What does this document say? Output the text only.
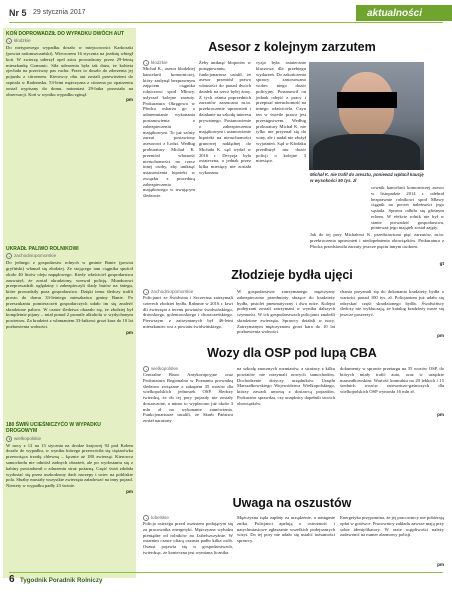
Nr 5 29 stycznia 2017	aktualności
KOŃ DOPROWADZIŁ DO WYPADKU DWÓCH AUT
kłodzkie
Do nietypowego wypadku doszło w miejscowości Karkoszki (powiat radomszczański). Wieczorem 16 stycznia na jezdnię wbiegł koń. W zwierzę uderzył opel astra prowadzony przez 29-letnią mieszkankę Gomunic. Siła uderzenia była tak duża, że kobieta zjechała na przeciwny pas ruchu. Przez to doszło do zderzenia jej pojazdu z citroenem. Kierowcy obu aut zostali przewiezieni do szpitala w Radomsku. 53-letni mężczyzna z citroena po opatrzeniu został wypisany do domu, natomiast 29-latka pozostała na obserwacji. Koń w wyniku wypadku zginął.
pm
UKRADŁ PALIWO ROLNIKOWI
zachodniopomorskie
Do jednego z gospodarstw rolnych w gminie Banie (powiat gryfiński) włamał się złodziej. Ze stojącego tam ciągnika spuścił około 40 litrów oleju napędowego. Kiedy właściciel gospodarstwa zauważył, że został okradziony, wezwał policję. Mundurowi przeprowadzili oględziny i zabezpieczyli ślady butów na śniegu, które prowadziły poza gospodarstwo. Dzięki temu śledczy trafili prosto do domu 33-letniego mieszkańca gminy Banie. Po przeszukaniu pomieszczeń gospodarczych udało im się znaleźć skradzione paliwo. W czasie śledztwa okazało się, że złodziej był kompletnie pijany – miał ponad 2 promile alkoholu w wydychanym powietrzu. Za kradzież z włamaniem 33-latkowi grozi kara do 10 lat pozbawienia wolności.
pm
180 ŚWIŃ UCIEŚNICZYĆO W WYPADKU DROGOWYM
wielkopolskie
W nocy z 12 na 13 stycznia na drodze krajowej 92 pod Kołem doszło do wypadku, w wyniku którego przewróciła się ciężarówka przewożąca trzodę chlewną – łącznie aż 180 zwierząt. Kierowca samochodu nie odniósł żadnych obrażeń, ale po wydostaniu się z kabiny powiadomił o zdarzeniu straż pożarną. Część świń zdołała wydostać się przez uszkodzony dach naczepy i uciec na pobliskie pola. Służby musiały wszystkie zwierzęta załadować na inny pojazd. Niestety w wypadku padły 23 świnie.
pm
Asesor z kolejnym zarzutem
kłodzkie
Michał K., asesor kłodzkiej kancelarii komorniczej, który zasłynął bezprawnym zajęciem ciągnika rolniczowi spod Młowy, usłyszał kolejne zarzuty. Prokuratura Okręgowa w Płocku oskarża go o udaremnianie wykonania postanowienia o zabezpieczeniu majątkowym. To już szósty zarzut postawiony asesorowi z Łodzi. Według prokuratury Michał K. przeniósł własność nieruchomości na rzecz innej osoby, aby uniknąć ustanowienia hipoteki w związku z procedurą zabezpieczenia majątkowego w trwającym śledztwie.
Żeby uniknąć kłopotów w postępowaniu, funkcjonariusz ustalił, że asesor przeniósł prawo własności do ponad dwóch działek na rzecz byłej żony. Z tych ośmiu poprzednich zarzutów zarzucano m.in. przekroczenie uprawnień i działanie na szkodę interesu prywatnego. Postanowienie o zabezpieczeniu majątkowym i ustanowienie hipoteki na nieruchomości grunowej nakłądnej do Michała K. sąd wydał w 2016 r. Decyzja była ostateczna, a jednak przez kilka miesięcy nie została wykonana.
cyzja była ostatecznie kluczowa dla przebiegu wydarzeń. Do zakończenia sprawy zastosowano wobec niego dozór policyjny. Postanowił on jednak odejść z pracy i przepisać nieruchomość na innego właściciela. Czyn ten w świetle prawa jest przestępstwem. Według prokuratury Michał K. nie tylko nie przyznał się do winy, ale i nadal nie złożył wyjaśnień. Sąd w Kłodzku przedłużył mu dozór policji o kolejne 3 miesiące.
Michał K. nie trafił do aresztu, ponieważ wpłacił kaucję w wysokości 50 tys. zł
cownik kancelarii komorniczej asesor w listopadzie 2014 r. odebrał bezprawnie rolnikowi spod Mławy ciągnik na poczet należności jego sąsiada. Sprawa odbiła się głośnym echem. W efekcie rolnik nie był w stanie prowadzić gospodarstwa, ponieważ jego majątek został zajęty.
Jak do tej pory Michałowi K. przedstawiono pięć zarzutów, m.in. przekroczenia uprawnień i niedopełnienia obowiązków. Prokuratura z Płocka przedstawiła zarzuty jeszcze pięciu innym osobom.
gt
Złodzieje bydła ujęci
zachodniopomorskie
Policjanci ze Świdwina i Szczecina zatrzymali czterech złodziei bydła. Rabunie w 2016 r. krwi dli zwierzęta z terenu powiatów świdwińskiego, drawskiego, goleniowskiego i choszczeńskiego. Pierwszym z zatrzymanych był 46-letni mieszkaniec wsi z powiatu świdwińskiego.
W gospodarstwie zatrzymanego mężczyzny zabezpieczono przedmioty służące do kradzieży bydła, pistolet pneumatyczny i dwa noże. Kolejni podejrzani zostali zatrzymani w wyniku dalszych czynności. W ich gospodarstwach policjanci znaleźli skradzione zwierzęta. Sprawcy działali w nocy. Zatrzymanym mężczyznom grozi kara do 10 lat pozbawienia wolności.
chania przyznali się do dokonania kradzieży bydła o wartości ponad 100 tys. zł. Policjantom już udało się odzyskać część skradzionego bydła. Świdwińscy śledczy nie wykluczają, że katalog kradzieży może się jeszcze poszerzyć.
pm
Wozy dla OSP pod lupą CBA
wielkopolskie
Centralne Biuro Antykorupcyjne oraz Prokuratura Regionalna w Poznaniu prowadzą śledztwo związane z zakupem 35 wozów dla wielkopolskich jednostek OSP. Śledczy twierdzą, że do tej pory pojazdy nie zostały dostarczone, a mimo to wypłacono już około 3 mln zł na wykonanie zamówienia. Funkcjonariusze ustalili, że Skarb Państwa został narażony
na szkodę znacznych rozmiarów, a strażacy z kilku powiatów nie otrzymali nowych samochodów. Dochodzenie dotyczy urzędników Urzędu Marszałkowskiego Województwa Wielkopolskiego, którzy zawarli umowę z dostawcą pojazdów. Prokurator sprawdza, czy urzędnicy dopełnili swoich obowiązków.
dokumenty w sprawie przetargu na 35 wozów OSP, do których miały trafić auta, oraz w urzędzie marszałkowskim. Wartość kontraktu na 20 lekkich i 15 średnich wozów ratowniczo-gaśniczych dla wielkopolskich OSP wyniosła 16 mln zł.
pm
Uwaga na oszustów
lubelskie
Policja ostrzega przed oszustem podającym się za pracownika energetyki. Mężczyzna wyłudza pieniądze od rolników na Lubelszczyźnie. W ostatnim czasie ofiarą oszusta padło kilka osób. Oszust pojawia się w gospodarstwach, twierdząc, że konieczna jest wymiana licznika.
Mężczyzna żąda zapłaty za urządzenie, a następnie znika. Policjanci apelują o ostrożność i natychmiastowe zgłaszanie wszelkich podejrzanych wizyt. Do tej pory nie udało się ustalić tożsamości sprawcy.
Energetyka przypomina, że jej pracownicy nie pobierają opłat w gotówce. Pracownicy zakładu zawsze mają przy sobie identyfikatory. W razie wątpliwości należy zadzwonić na numer alarmowy policji.
pm
6 Tygodnik Poradnik Rolniczy
